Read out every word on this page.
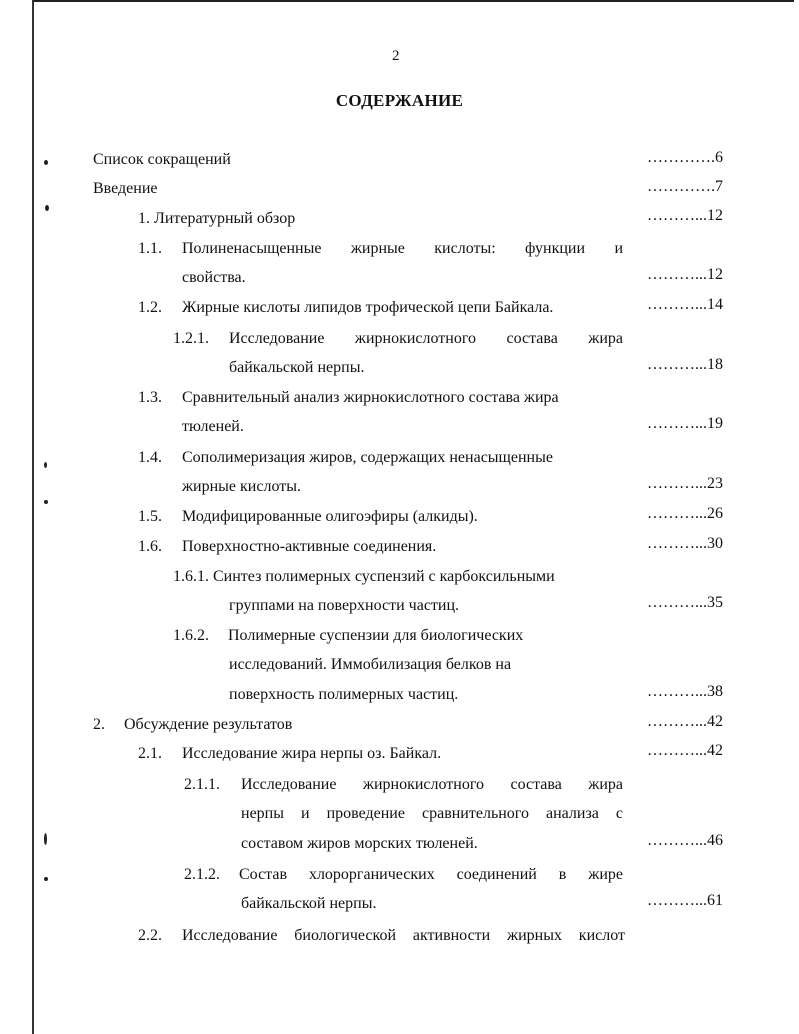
2
СОДЕРЖАНИЕ
Список сокращений	………….6
Введение	………….7
1. Литературный обзор	………...12
1.1. Полиненасыщенные жирные кислоты: функции и
свойства.	………...12
1.2. Жирные кислоты липидов трофической цепи Байкала.	………...14
1.2.1. Исследование жирнокислотного состава жира
байкальской нерпы.	………...18
1.3. Сравнительный анализ жирнокислотного состава жира
тюленей.	………...19
1.4. Сополимеризация жиров, содержащих ненасыщенные
жирные кислоты.	………...23
1.5. Модифицированные олигоэфиры (алкиды).	………...26
1.6. Поверхностно-активные соединения.	………...30
1.6.1. Синтез полимерных суспензий с карбоксильными
группами на поверхности частиц.	………...35
1.6.2. Полимерные суспензии для биологических
исследований. Иммобилизация белков на
поверхность полимерных частиц.	………...38
2. Обсуждение результатов	………...42
2.1. Исследование жира нерпы оз. Байкал.	………...42
2.1.1. Исследование жирнокислотного состава жира
нерпы и проведение сравнительного анализа с
составом жиров морских тюленей.	………...46
2.1.2. Состав хлорорганических соединений в жире
байкальской нерпы.	………...61
2.2. Исследование биологической активности жирных кислот
